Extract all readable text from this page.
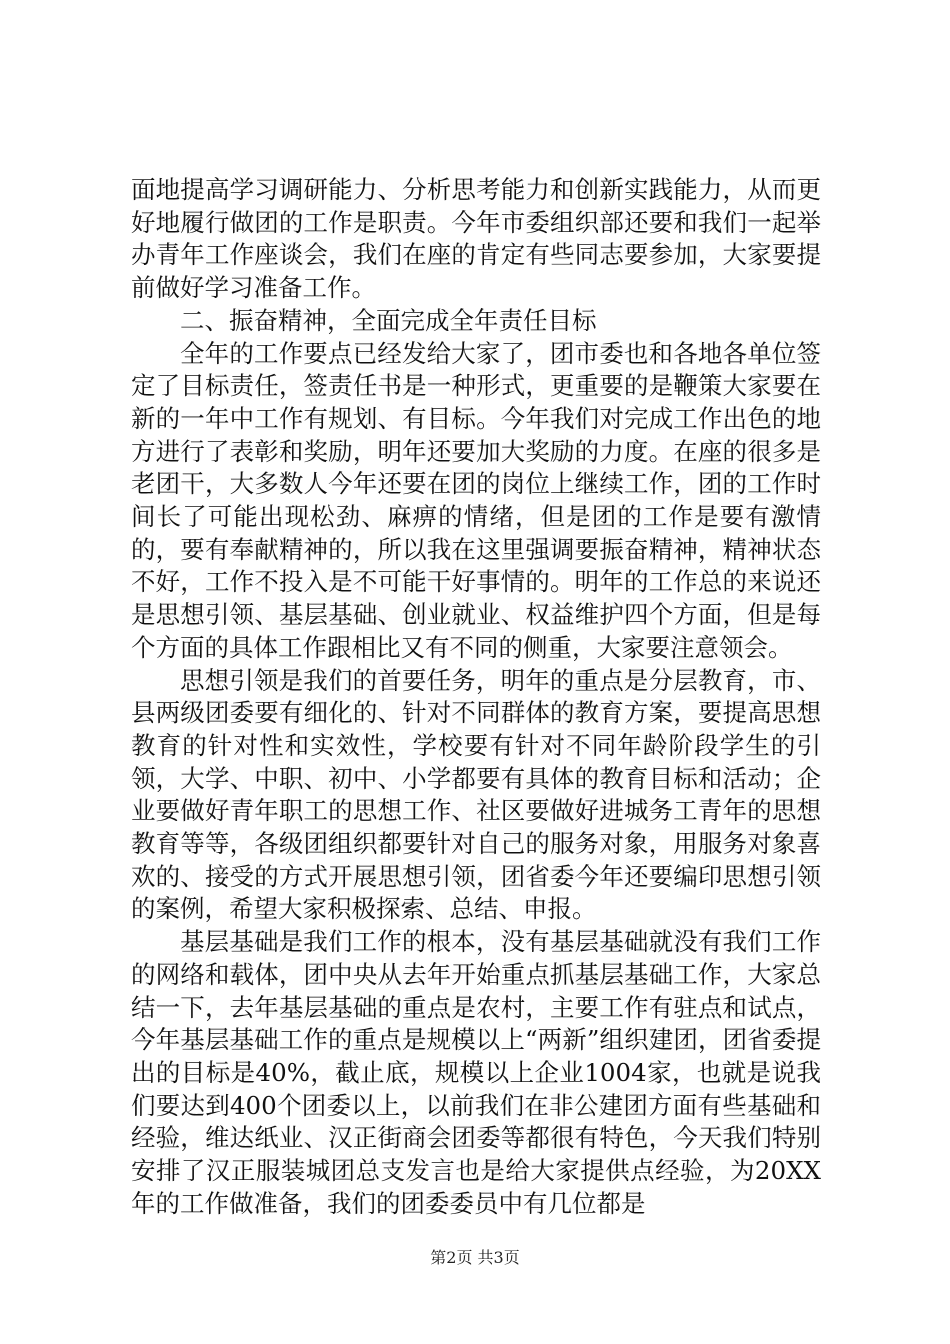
面地提高学习调研能力、分析思考能力和创新实践能力，从而更好地履行做团的工作是职责。今年市委组织部还要和我们一起举办青年工作座谈会，我们在座的肯定有些同志要参加，大家要提前做好学习准备工作。

二、振奋精神，全面完成全年责任目标

全年的工作要点已经发给大家了，团市委也和各地各单位签定了目标责任，签责任书是一种形式，更重要的是鞭策大家要在新的一年中工作有规划、有目标。今年我们对完成工作出色的地方进行了表彰和奖励，明年还要加大奖励的力度。在座的很多是老团干，大多数人今年还要在团的岗位上继续工作，团的工作时间长了可能出现松劲、麻痹的情绪，但是团的工作是要有激情的，要有奉献精神的，所以我在这里强调要振奋精神，精神状态不好，工作不投入是不可能干好事情的。明年的工作总的来说还是思想引领、基层基础、创业就业、权益维护四个方面，但是每个方面的具体工作跟相比又有不同的侧重，大家要注意领会。

思想引领是我们的首要任务，明年的重点是分层教育，市、县两级团委要有细化的、针对不同群体的教育方案，要提高思想教育的针对性和实效性，学校要有针对不同年龄阶段学生的引领，大学、中职、初中、小学都要有具体的教育目标和活动；企业要做好青年职工的思想工作、社区要做好进城务工青年的思想教育等等，各级团组织都要针对自己的服务对象，用服务对象喜欢的、接受的方式开展思想引领，团省委今年还要编印思想引领的案例，希望大家积极探索、总结、申报。

基层基础是我们工作的根本，没有基层基础就没有我们工作的网络和载体，团中央从去年开始重点抓基层基础工作，大家总结一下，去年基层基础的重点是农村，主要工作有驻点和试点，今年基层基础工作的重点是规模以上“两新”组织建团，团省委提出的目标是40%，截止底，规模以上企业1004家，也就是说我们要达到400个团委以上，以前我们在非公建团方面有些基础和经验，维达纸业、汉正街商会团委等都很有特色，今天我们特别安排了汉正服装城团总支发言也是给大家提供点经验，为20XX年的工作做准备，我们的团委委员中有几位都是

第2页 共3页
